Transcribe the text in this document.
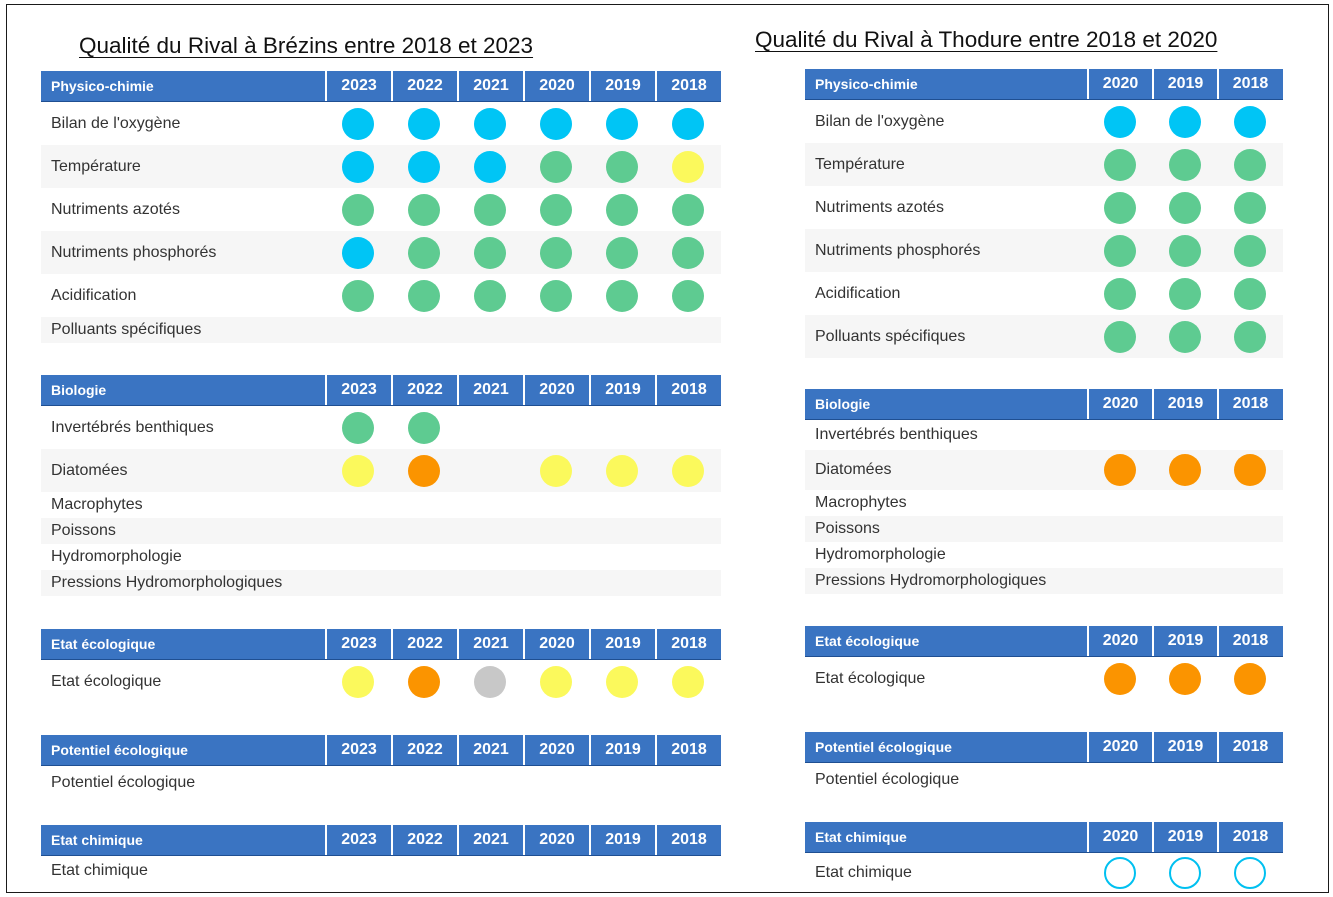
Qualité du Rival à Brézins entre 2018 et 2023
Physico-chimie	2023	2022	2021	2020	2019	2018
Bilan de l'oxygène
Température
Nutriments azotés
Nutriments phosphorés
Acidification
Polluants spécifiques
Biologie	2023	2022	2021	2020	2019	2018
Invertébrés benthiques
Diatomées
Macrophytes
Poissons
Hydromorphologie
Pressions Hydromorphologiques
Etat écologique	2023	2022	2021	2020	2019	2018
Etat écologique
Potentiel écologique	2023	2022	2021	2020	2019	2018
Potentiel écologique
Etat chimique	2023	2022	2021	2020	2019	2018
Etat chimique
Qualité du Rival à Thodure entre 2018 et 2020
Physico-chimie	2020	2019	2018
Bilan de l'oxygène
Température
Nutriments azotés
Nutriments phosphorés
Acidification
Polluants spécifiques
Biologie	2020	2019	2018
Invertébrés benthiques
Diatomées
Macrophytes
Poissons
Hydromorphologie
Pressions Hydromorphologiques
Etat écologique	2020	2019	2018
Etat écologique
Potentiel écologique	2020	2019	2018
Potentiel écologique
Etat chimique	2020	2019	2018
Etat chimique
